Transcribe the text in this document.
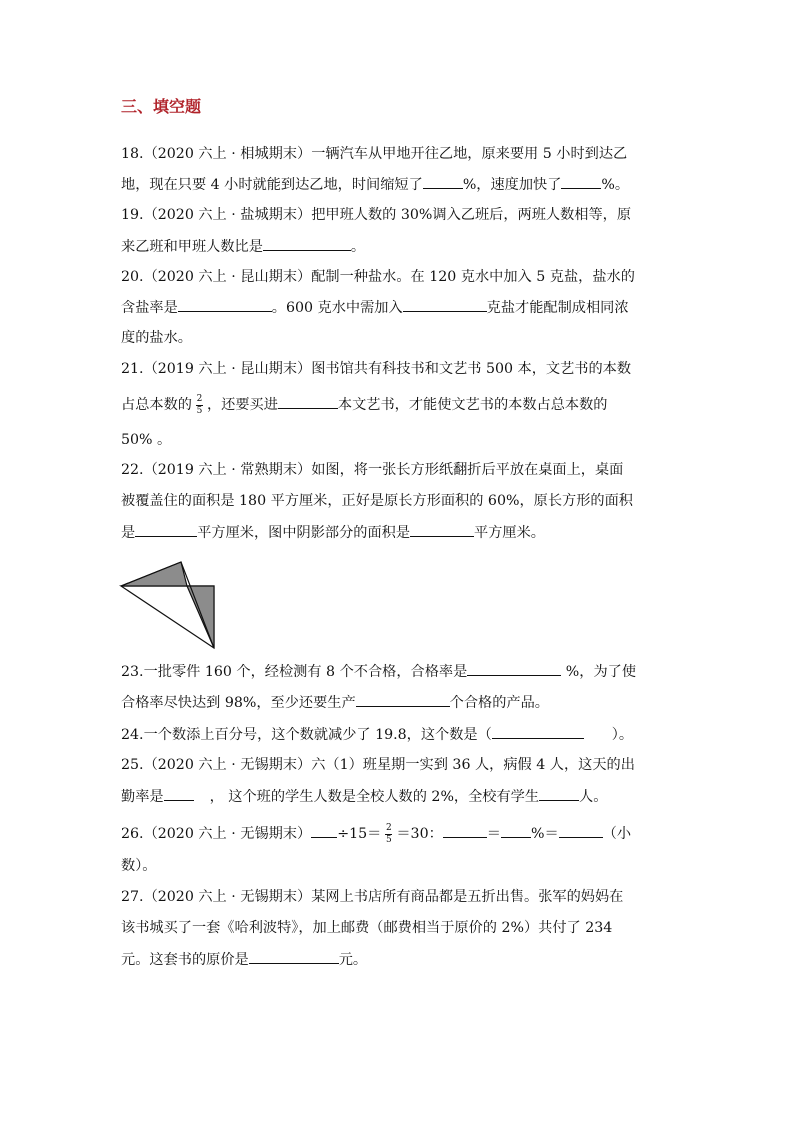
三、填空题
18.（2020 六上 · 相城期末）一辆汽车从甲地开往乙地，原来要用 5 小时到达乙
地，现在只要 4 小时就能到达乙地，时间缩短了	%，速度加快了	%。
19.（2020 六上 · 盐城期末）把甲班人数的 30%调入乙班后，两班人数相等，原
来乙班和甲班人数比是	。
20.（2020 六上 · 昆山期末）配制一种盐水。在 120 克水中加入 5 克盐，盐水的
含盐率是	。600 克水中需加入	克盐才能配制成相同浓
度的盐水。
21.（2019 六上 · 昆山期末）图书馆共有科技书和文艺书 500 本，文艺书的本数
占总本数的 $\frac{2}{5}$ ，还要买进	本文艺书，才能使文艺书的本数占总本数的
50% 。
22.（2019 六上 · 常熟期末）如图，将一张长方形纸翻折后平放在桌面上，桌面
被覆盖住的面积是 180 平方厘米，正好是原长方形面积的 60%，原长方形的面积
是	平方厘米，图中阴影部分的面积是	平方厘米。
23.一批零件 160 个，经检测有 8 个不合格，合格率是	%，为了使
合格率尽快达到 98%，至少还要生产	个合格的产品。
24.一个数添上百分号，这个数就减少了 19.8，这个数是（	）。
25.（2020 六上 · 无锡期末）六（1）班星期一实到 36 人，病假 4 人，这天的出
勤率是	， 这个班的学生人数是全校人数的 2%，全校有学生	人。
26.（2020 六上 · 无锡期末） $\div 15= \frac{2}{5} =30$：	＝ %＝	（小
数）。
27.（2020 六上 · 无锡期末）某网上书店所有商品都是五折出售。张军的妈妈在
该书城买了一套《哈利波特》，加上邮费（邮费相当于原价的 2%）共付了 234
元。这套书的原价是	元。
